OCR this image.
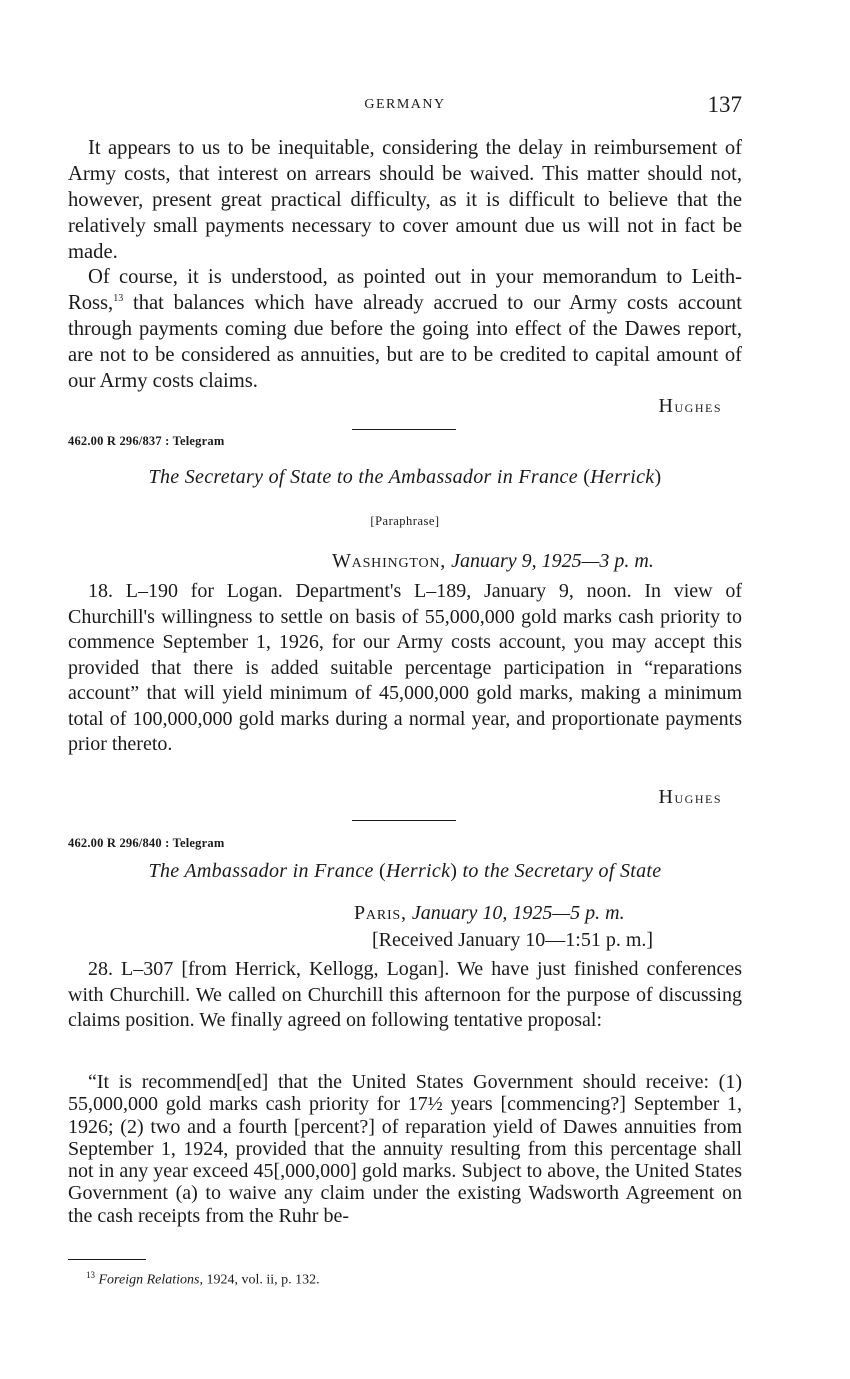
GERMANY	137

It appears to us to be inequitable, considering the delay in reimbursement of Army costs, that interest on arrears should be waived. This matter should not, however, present great practical difficulty, as it is difficult to believe that the relatively small payments necessary to cover amount due us will not in fact be made.

Of course, it is understood, as pointed out in your memorandum to Leith-Ross,$^{13}$ that balances which have already accrued to our Army costs account through payments coming due before the going into effect of the Dawes report, are not to be considered as annuities, but are to be credited to capital amount of our Army costs claims.

Hughes
462.00 R 296/837 : Telegram
The Secretary of State to the Ambassador in France (Herrick)
[Paraphrase]
Washington, January 9, 1925—3 p. m.

18. L–190 for Logan. Department's L–189, January 9, noon. In view of Churchill's willingness to settle on basis of 55,000,000 gold marks cash priority to commence September 1, 1926, for our Army costs account, you may accept this provided that there is added suitable percentage participation in “reparations account” that will yield minimum of 45,000,000 gold marks, making a minimum total of 100,000,000 gold marks during a normal year, and proportionate payments prior thereto.

Hughes
462.00 R 296/840 : Telegram
The Ambassador in France (Herrick) to the Secretary of State
Paris, January 10, 1925—5 p. m.
[Received January 10—1:51 p. m.]

28. L–307 [from Herrick, Kellogg, Logan]. We have just finished conferences with Churchill. We called on Churchill this afternoon for the purpose of discussing claims position. We finally agreed on following tentative proposal:

“It is recommend[ed] that the United States Government should receive: (1) 55,000,000 gold marks cash priority for 17½ years [commencing?] September 1, 1926; (2) two and a fourth [percent?] of reparation yield of Dawes annuities from September 1, 1924, provided that the annuity resulting from this percentage shall not in any year exceed 45[,000,000] gold marks. Subject to above, the United States Government (a) to waive any claim under the existing Wadsworth Agreement on the cash receipts from the Ruhr be-

$^{13}$ Foreign Relations, 1924, vol. ii, p. 132.
